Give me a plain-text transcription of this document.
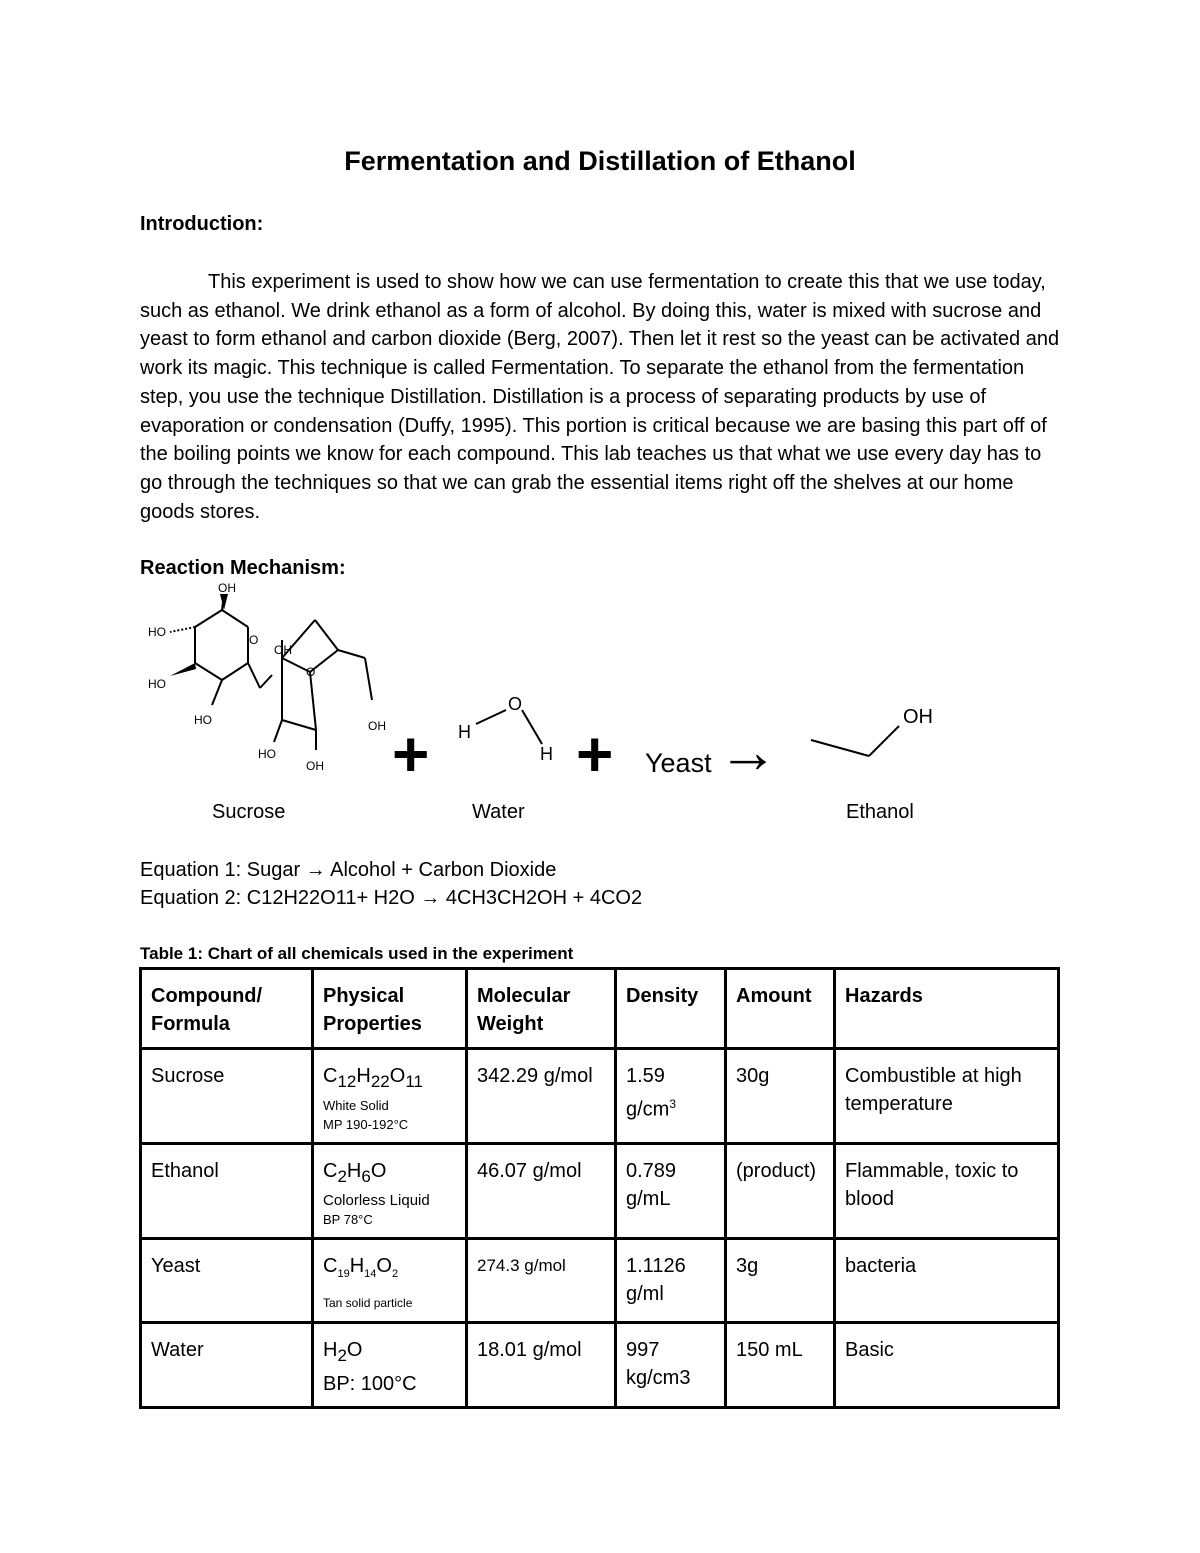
Fermentation and Distillation of Ethanol
Introduction:
This experiment is used to show how we can use fermentation to create this that we use today, such as ethanol. We drink ethanol as a form of alcohol. By doing this, water is mixed with sucrose and yeast to form ethanol and carbon dioxide (Berg, 2007). Then let it rest so the yeast can be activated and work its magic. This technique is called Fermentation. To separate the ethanol from the fermentation step, you use the technique Distillation. Distillation is a process of separating products by use of evaporation or condensation (Duffy, 1995). This portion is critical because we are basing this part off of the boiling points we know for each compound. This lab teaches us that what we use every day has to go through the techniques so that we can grab the essential items right off the shelves at our home goods stores.
Reaction Mechanism:
OH
HO
HO
HO
O
OH
O
OH
HO
OH + H
O
H + Yeast →
OH
Sucrose	Water	Ethanol
Equation 1: Sugar → Alcohol + Carbon Dioxide
Equation 2: C12H22O11+ H2O → 4CH3CH2OH + 4CO2
Table 1: Chart of all chemicals used in the experiment
Compound/ Formula	Physical Properties	Molecular Weight	Density	Amount	Hazards
Sucrose	$C_{12}H_{22}O_{11}$
White Solid
MP 190-192°C	342.29 g/mol	1.59 $g/cm^3$	30g	Combustible at high temperature
Ethanol	$C_2H_6O$
Colorless Liquid
BP 78°C	46.07 g/mol	0.789 g/mL	(product)	Flammable, toxic to blood
Yeast	$C_{19}H_{14}O_2$
Tan solid particle	274.3 g/mol	1.1126 g/ml	3g	bacteria
Water	$H_2O$
BP: 100°C	18.01 g/mol	997 kg/cm3	150 mL	Basic
